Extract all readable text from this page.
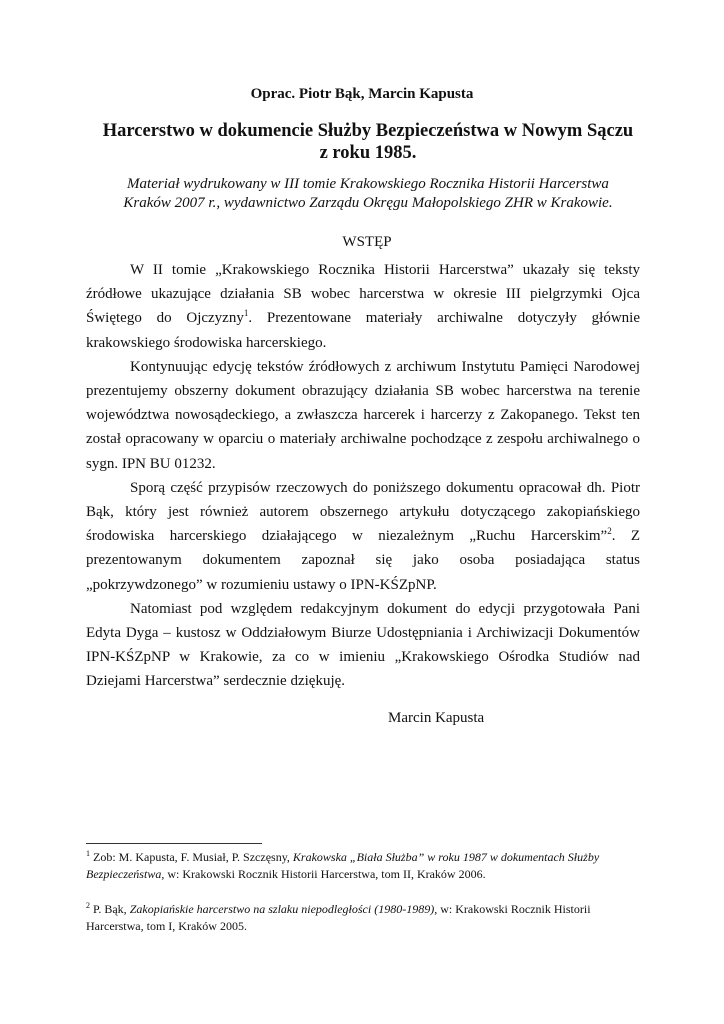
Oprac. Piotr Bąk, Marcin Kapusta
Harcerstwo w dokumencie Służby Bezpieczeństwa w Nowym Sączu
z roku 1985.
Materiał wydrukowany w III tomie Krakowskiego Rocznika Historii Harcerstwa
Kraków 2007 r., wydawnictwo Zarządu Okręgu Małopolskiego ZHR w Krakowie.
WSTĘP

W II tomie „Krakowskiego Rocznika Historii Harcerstwa” ukazały się teksty źródłowe ukazujące działania SB wobec harcerstwa w okresie III pielgrzymki Ojca Świętego do Ojczyzny$^1$. Prezentowane materiały archiwalne dotyczyły głównie krakowskiego środowiska harcerskiego.

Kontynuując edycję tekstów źródłowych z archiwum Instytutu Pamięci Narodowej prezentujemy obszerny dokument obrazujący działania SB wobec harcerstwa na terenie województwa nowosądeckiego, a zwłaszcza harcerek i harcerzy z Zakopanego. Tekst ten został opracowany w oparciu o materiały archiwalne pochodzące z zespołu archiwalnego o sygn. IPN BU 01232.

Sporą część przypisów rzeczowych do poniższego dokumentu opracował dh. Piotr Bąk, który jest również autorem obszernego artykułu dotyczącego zakopiańskiego środowiska harcerskiego działającego w niezależnym „Ruchu Harcerskim”$^2$. Z prezentowanym dokumentem zapoznał się jako osoba posiadająca status „pokrzywdzonego” w rozumieniu ustawy o IPN-KŚZpNP.

Natomiast pod względem redakcyjnym dokument do edycji przygotowała Pani Edyta Dyga – kustosz w Oddziałowym Biurze Udostępniania i Archiwizacji Dokumentów IPN-KŚZpNP w Krakowie, za co w imieniu „Krakowskiego Ośrodka Studiów nad Dziejami Harcerstwa” serdecznie dziękuję.

Marcin Kapusta
$^1$ Zob: M. Kapusta, F. Musiał, P. Szczęsny, Krakowska „Biała Służba” w roku 1987 w dokumentach Służby Bezpieczeństwa, w: Krakowski Rocznik Historii Harcerstwa, tom II, Kraków 2006.
$^2$ P. Bąk, Zakopiańskie harcerstwo na szlaku niepodległości (1980-1989), w: Krakowski Rocznik Historii Harcerstwa, tom I, Kraków 2005.
